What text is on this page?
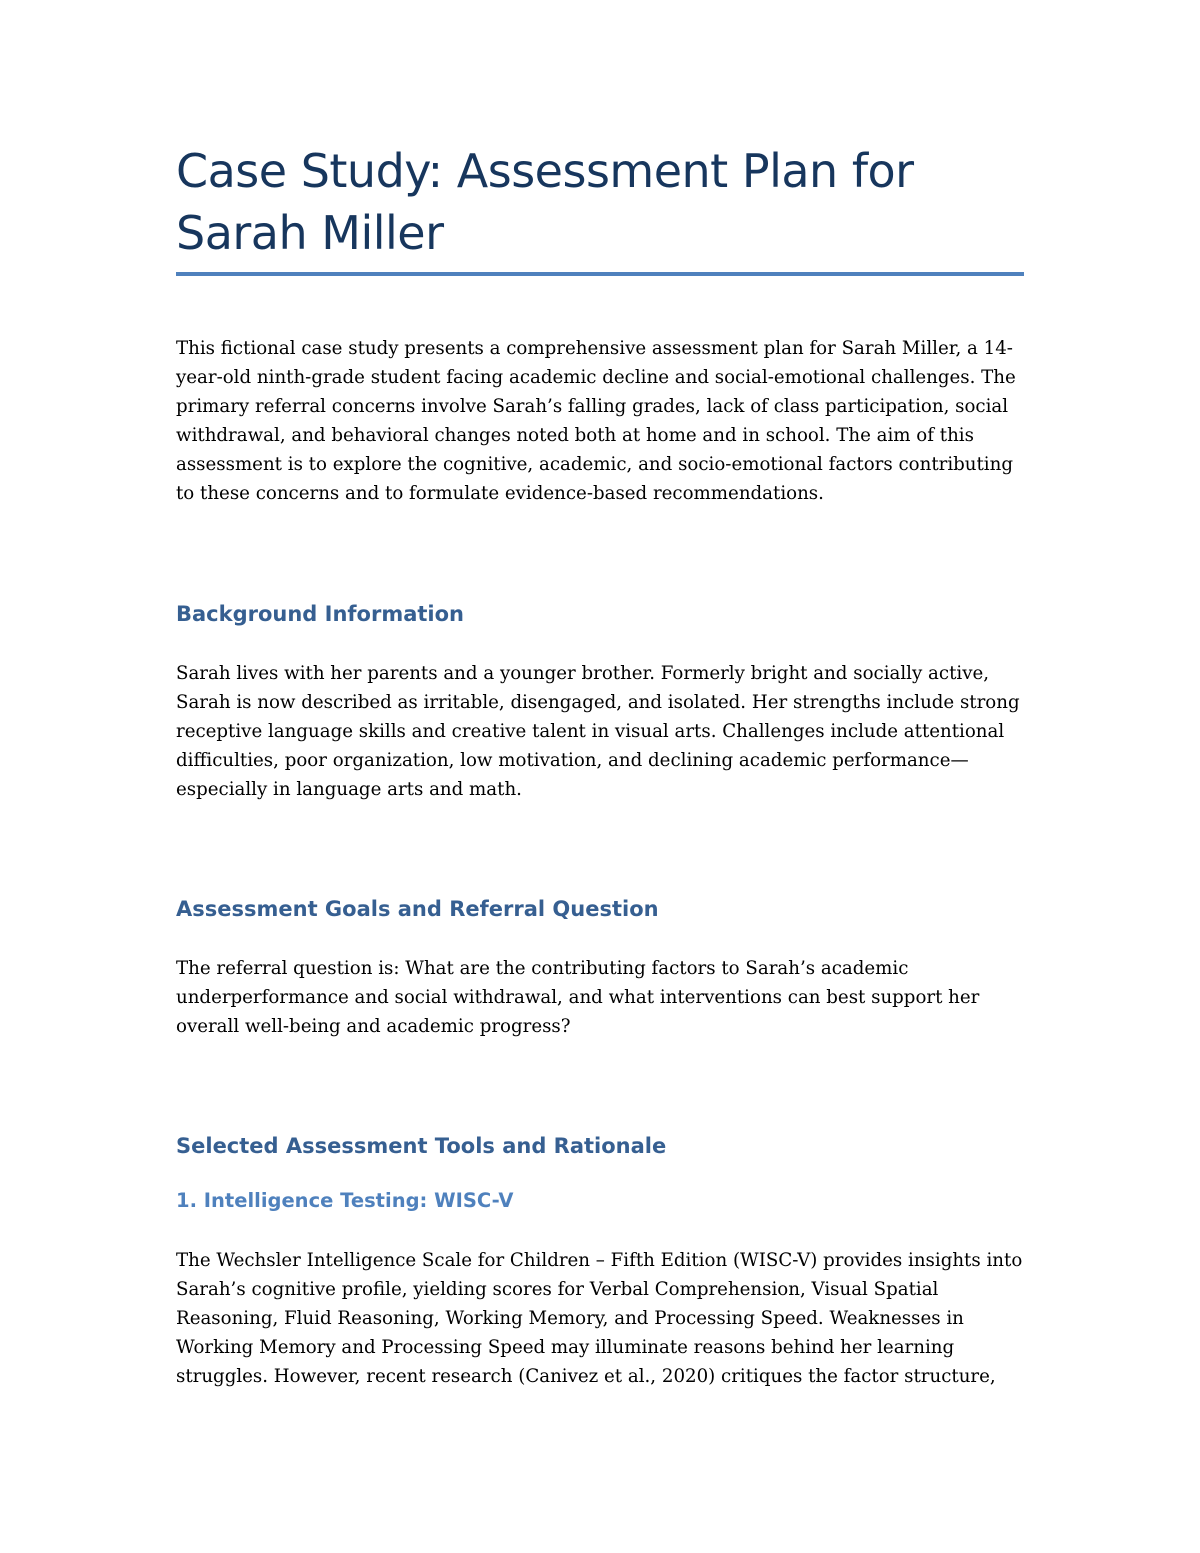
Case Study: Assessment Plan for Sarah Miller

This fictional case study presents a comprehensive assessment plan for Sarah Miller, a 14-year-old ninth-grade student facing academic decline and social-emotional challenges. The primary referral concerns involve Sarah’s falling grades, lack of class participation, social withdrawal, and behavioral changes noted both at home and in school. The aim of this assessment is to explore the cognitive, academic, and socio-emotional factors contributing to these concerns and to formulate evidence-based recommendations.

Background Information

Sarah lives with her parents and a younger brother. Formerly bright and socially active, Sarah is now described as irritable, disengaged, and isolated. Her strengths include strong receptive language skills and creative talent in visual arts. Challenges include attentional difficulties, poor organization, low motivation, and declining academic performance—especially in language arts and math.

Assessment Goals and Referral Question

The referral question is: What are the contributing factors to Sarah’s academic underperformance and social withdrawal, and what interventions can best support her overall well-being and academic progress?

Selected Assessment Tools and Rationale
1. Intelligence Testing: WISC-V

The Wechsler Intelligence Scale for Children – Fifth Edition (WISC-V) provides insights into Sarah’s cognitive profile, yielding scores for Verbal Comprehension, Visual Spatial Reasoning, Fluid Reasoning, Working Memory, and Processing Speed. Weaknesses in Working Memory and Processing Speed may illuminate reasons behind her learning struggles. However, recent research (Canivez et al., 2020) critiques the factor structure,
